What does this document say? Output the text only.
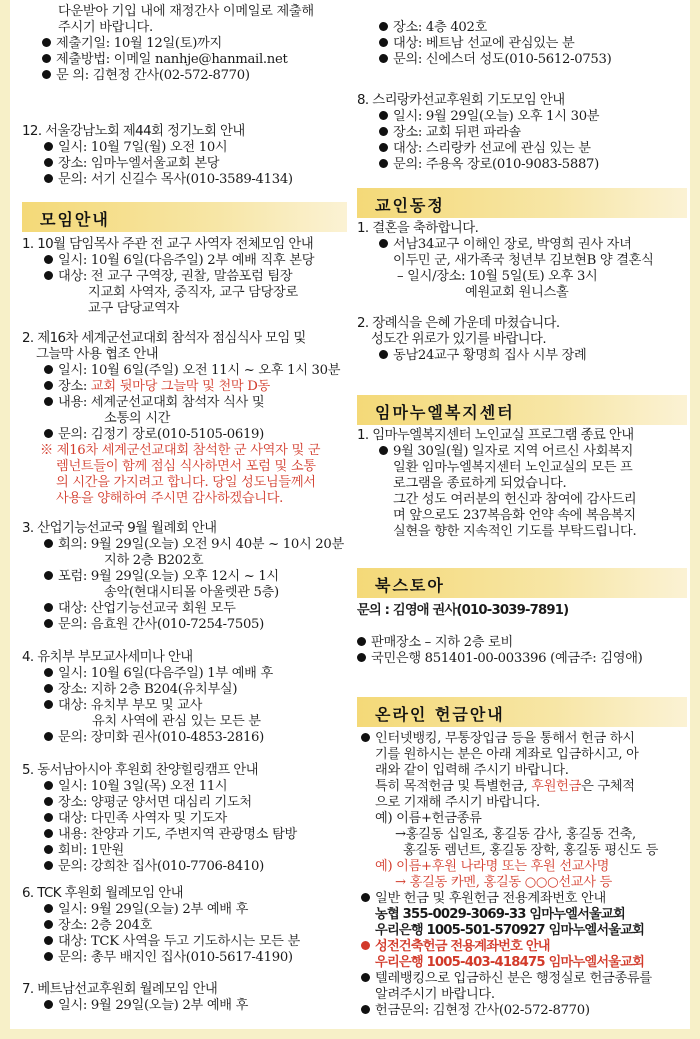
다운받아 기입 내에 재정간사 이메일로 제출해
주시기 바랍니다.
제출기일: 10월 12일(토)까지
제출방법: 이메일 nanhje@hanmail.net
문 의: 김현정 간사(02-572-8770)
12. 서울강남노회 제44회 정기노회 안내
일시: 10월 7일(월) 오전 10시
장소: 임마누엘서울교회 본당
문의: 서기 신길수 목사(010-3589-4134)
모임안내
1. 10월 담임목사 주관 전 교구 사역자 전체모임 안내
일시: 10월 6일(다음주일) 2부 예배 직후 본당
대상: 전 교구 구역장, 권찰, 말씀포럼 팀장
지교회 사역자, 중직자, 교구 담당장로
교구 담당교역자
2. 제16차 세계군선교대회 참석자 점심식사 모임 및
그늘막 사용 협조 안내
일시: 10월 6일(주일) 오전 11시 ~ 오후 1시 30분
장소: 교회 뒷마당 그늘막 및 천막 D동
내용: 세계군선교대회 참석자 식사 및
소통의 시간
문의: 김정기 장로(010-5105-0619)
※ 제16차 세계군선교대회 참석한 군 사역자 및 군
렘넌트들이 함께 점심 식사하면서 포럼 및 소통
의 시간을 가지려고 합니다. 당일 성도님들께서
사용을 양해하여 주시면 감사하겠습니다.
3. 산업기능선교국 9월 월례회 안내
회의: 9월 29일(오늘) 오전 9시 40분 ~ 10시 20분
지하 2층 B202호
포럼: 9월 29일(오늘) 오후 12시 ~ 1시
송악(현대시티몰 아울렛관 5층)
대상: 산업기능선교국 회원 모두
문의: 음효원 간사(010-7254-7505)
4. 유치부 부모교사세미나 안내
일시: 10월 6일(다음주일) 1부 예배 후
장소: 지하 2층 B204(유치부실)
대상: 유치부 부모 및 교사
유치 사역에 관심 있는 모든 분
문의: 장미화 권사(010-4853-2816)
5. 동서남아시아 후원회 찬양힐링캠프 안내
일시: 10월 3일(목) 오전 11시
장소: 양평군 양서면 대심리 기도처
대상: 다민족 사역자 및 기도자
내용: 찬양과 기도, 주변지역 관광명소 탐방
회비: 1만원
문의: 강희찬 집사(010-7706-8410)
6. TCK 후원회 월례모임 안내
일시: 9월 29일(오늘) 2부 예배 후
장소: 2층 204호
대상: TCK 사역을 두고 기도하시는 모든 분
문의: 총무 배지인 집사(010-5617-4190)
7. 베트남선교후원회 월례모임 안내
일시: 9월 29일(오늘) 2부 예배 후
장소: 4층 402호
대상: 베트남 선교에 관심있는 분
문의: 신에스더 성도(010-5612-0753)
8. 스리랑카선교후원회 기도모임 안내
일시: 9월 29일(오늘) 오후 1시 30분
장소: 교회 뒤편 파라솔
대상: 스리랑카 선교에 관심 있는 분
문의: 주용옥 장로(010-9083-5887)
교인동정
1. 결혼을 축하합니다.
서남34교구 이해인 장로, 박영희 권사 자녀
이두민 군, 새가족국 청년부 김보현B 양 결혼식
– 일시/장소: 10월 5일(토) 오후 3시
예원교회 원니스홀
2. 장례식을 은혜 가운데 마쳤습니다.
성도간 위로가 있기를 바랍니다.
동남24교구 황명희 집사 시부 장례
임마누엘복지센터
1. 임마누엘복지센터 노인교실 프로그램 종료 안내
9월 30일(월) 일자로 지역 어르신 사회복지
일환 임마누엘복지센터 노인교실의 모든 프
로그램을 종료하게 되었습니다.
그간 성도 여러분의 헌신과 참여에 감사드리
며 앞으로도 237복음화 언약 속에 복음복지
실현을 향한 지속적인 기도를 부탁드립니다.
북스토아
문의 : 김영애 권사(010-3039-7891)
판매장소 – 지하 2층 로비
국민은행 851401-00-003396 (예금주: 김영애)
온라인 헌금안내
인터넷뱅킹, 무통장입금 등을 통해서 헌금 하시
기를 원하시는 분은 아래 계좌로 입금하시고, 아
래와 같이 입력해 주시기 바랍니다.
특히 목적헌금 및 특별헌금, 후원헌금은 구체적
으로 기재해 주시기 바랍니다.
예) 이름+헌금종류
→홍길동 십일조, 홍길동 감사, 홍길동 건축,
홍길동 렘넌트, 홍길동 장학, 홍길동 평신도 등
예) 이름+후원 나라명 또는 후원 선교사명
→ 홍길동 카멘, 홍길동 ○○○선교사 등
일반 헌금 및 후원헌금 전용계좌번호 안내
농협 355-0029-3069-33 임마누엘서울교회
우리은행 1005-501-570927 임마누엘서울교회
성전건축헌금 전용계좌번호 안내
우리은행 1005-403-418475 임마누엘서울교회
텔레뱅킹으로 입금하신 분은 행정실로 헌금종류를
알려주시기 바랍니다.
헌금문의: 김현정 간사(02-572-8770)
